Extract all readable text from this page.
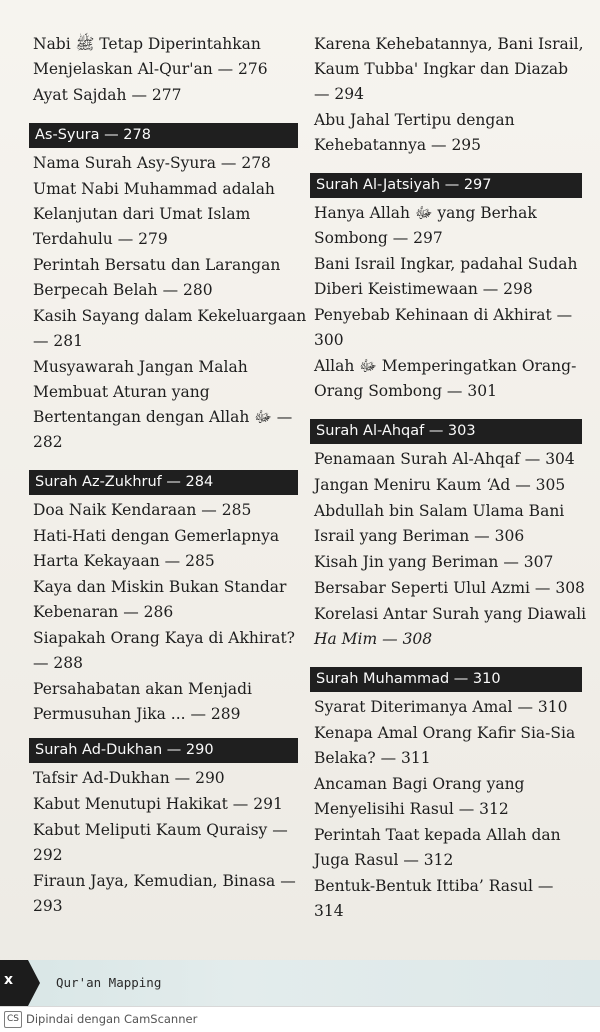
Nabi ﷺ Tetap Diperintahkan
Menjelaskan Al-Qur'an — 276
Ayat Sajdah — 277
As-Syura — 278
Nama Surah Asy-Syura — 278
Umat Nabi Muhammad adalah
Kelanjutan dari Umat Islam
Terdahulu — 279
Perintah Bersatu dan Larangan
Berpecah Belah — 280
Kasih Sayang dalam Kekeluargaan
— 281
Musyawarah Jangan Malah
Membuat Aturan yang
Bertentangan dengan Allah ﷻ —
282
Surah Az-Zukhruf — 284
Doa Naik Kendaraan — 285
Hati-Hati dengan Gemerlapnya
Harta Kekayaan — 285
Kaya dan Miskin Bukan Standar
Kebenaran — 286
Siapakah Orang Kaya di Akhirat?
— 288
Persahabatan akan Menjadi
Permusuhan Jika ... — 289
Surah Ad-Dukhan — 290
Tafsir Ad-Dukhan — 290
Kabut Menutupi Hakikat — 291
Kabut Meliputi Kaum Quraisy —
292
Firaun Jaya, Kemudian, Binasa —
293
Karena Kehebatannya, Bani Israil,
Kaum Tubba' Ingkar dan Diazab
— 294
Abu Jahal Tertipu dengan
Kehebatannya — 295
Surah Al-Jatsiyah — 297
Hanya Allah ﷻ yang Berhak
Sombong — 297
Bani Israil Ingkar, padahal Sudah
Diberi Keistimewaan — 298
Penyebab Kehinaan di Akhirat —
300
Allah ﷻ Memperingatkan Orang-
Orang Sombong — 301
Surah Al-Ahqaf — 303
Penamaan Surah Al-Ahqaf — 304
Jangan Meniru Kaum ‘Ad — 305
Abdullah bin Salam Ulama Bani
Israil yang Beriman — 306
Kisah Jin yang Beriman — 307
Bersabar Seperti Ulul Azmi — 308
Korelasi Antar Surah yang Diawali
Ha Mim — 308
Surah Muhammad — 310
Syarat Diterimanya Amal — 310
Kenapa Amal Orang Kafir Sia-Sia
Belaka? — 311
Ancaman Bagi Orang yang
Menyelisihi Rasul — 312
Perintah Taat kepada Allah dan
Juga Rasul — 312
Bentuk-Bentuk Ittiba’ Rasul —
314
x	Qur'an Mapping
CS Dipindai dengan CamScanner
